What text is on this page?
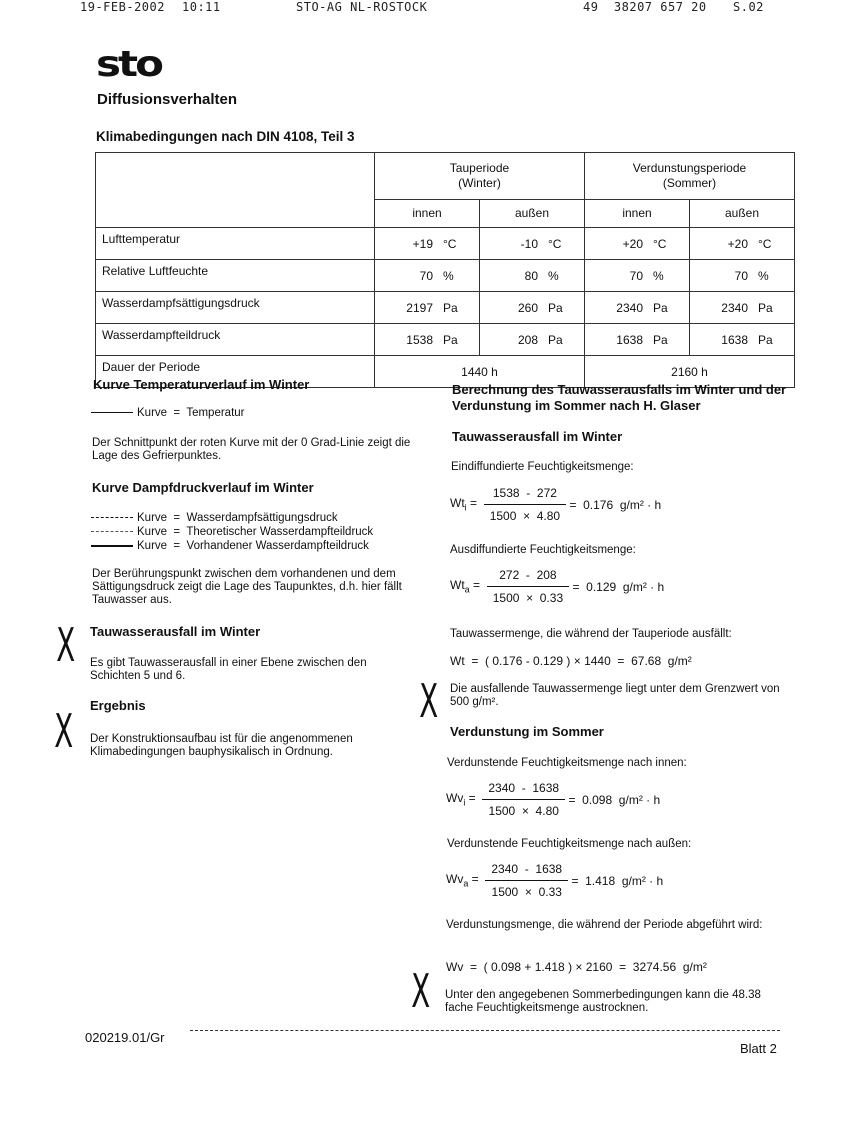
19-FEB-2002 10:11	STO-AG NL-ROSTOCK	49  38207 657 20 S.02
sto
Diffusionsverhalten
Klimabedingungen nach DIN 4108, Teil 3

Tauperiode
(Winter)

Verdunstungsperiode
(Sommer)

	innen	außen	innen	außen
Lufttemperatur	+19 °C	-10 °C	+20 °C	+20 °C
Relative Luftfeuchte	70 %	80 %	70 %	70 %
Wasserdampfsättigungsdruck	2197 Pa	260 Pa	2340 Pa	2340 Pa
Wasserdampfteildruck	1538 Pa	208 Pa	1638 Pa	1638 Pa
Dauer der Periode	1440 h		2160 h	
Kurve Temperaturverlauf im Winter
Kurve  =  Temperatur
Der Schnittpunkt der roten Kurve mit der 0 Grad-Linie zeigt die Lage des Gefrierpunktes.
Kurve Dampfdruckverlauf im Winter
Kurve  =  Wasserdampfsättigungsdruck
Kurve  =  Theoretischer Wasserdampfteildruck
Kurve  =  Vorhandener Wasserdampfteildruck
Der Berührungspunkt zwischen dem vorhandenen und dem Sättigungsdruck zeigt die Lage des Taupunktes, d.h. hier fällt Tauwasser aus.
X Tauwasserausfall im Winter
Es gibt Tauwasserausfall in einer Ebene zwischen den Schichten 5 und 6.
X Ergebnis
Der Konstruktionsaufbau ist für die angenommenen Klimabedingungen bauphysikalisch in Ordnung.
Berechnung des Tauwasserausfalls im Winter und der Verdunstung im Sommer nach H. Glaser
Tauwasserausfall im Winter
Eindiffundierte Feuchtigkeitsmenge:
$Wt_i = \frac{1538 - 272}{1500 \times 4.80} = 0.176$  g/m² · h
Ausdiffundierte Feuchtigkeitsmenge:
$Wt_a = \frac{272 - 208}{1500 \times 0.33} = 0.129$  g/m² · h
Tauwassermenge, die während der Tauperiode ausfällt:
Wt  =  ( 0.176 - 0.129 ) × 1440  =  67.68  g/m²
X Die ausfallende Tauwassermenge liegt unter dem Grenzwert von 500 g/m².
Verdunstung im Sommer
Verdunstende Feuchtigkeitsmenge nach innen:
$Wv_i = \frac{2340 - 1638}{1500 \times 4.80} = 0.098$  g/m² · h
Verdunstende Feuchtigkeitsmenge nach außen:
$Wv_a = \frac{2340 - 1638}{1500 \times 0.33} = 1.418$  g/m² · h
Verdunstungsmenge, die während der Periode abgeführt wird:
Wv  =  ( 0.098 + 1.418 ) × 2160  =  3274.56  g/m²
X Unter den angegebenen Sommerbedingungen kann die 48.38 fache Feuchtigkeitsmenge austrocknen.
020219.01/Gr
Blatt 2
